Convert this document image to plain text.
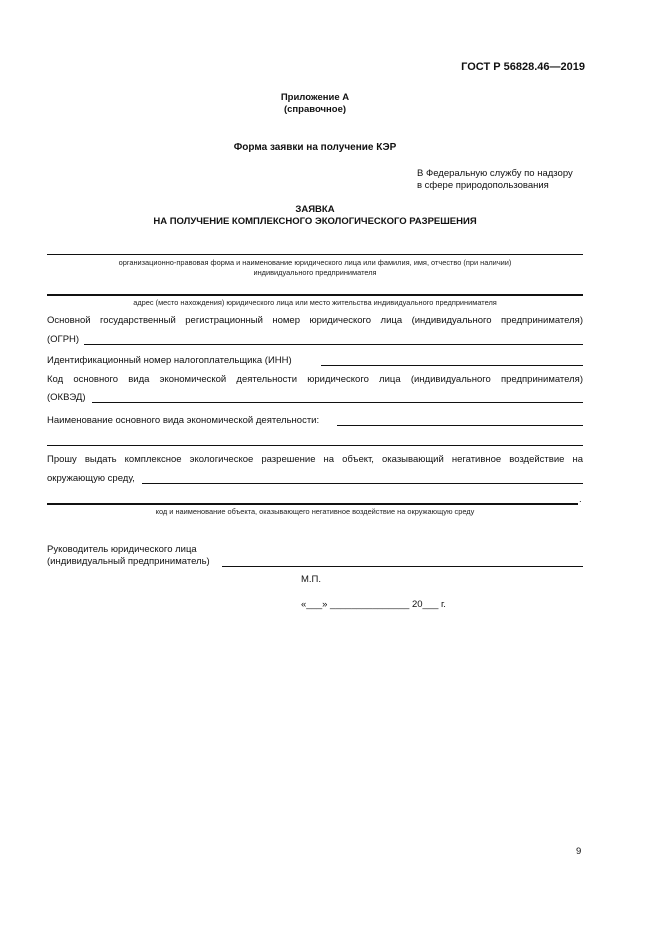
ГОСТ Р 56828.46—2019
Приложение А
(справочное)
Форма заявки на получение КЭР
В Федеральную службу по надзору
в сфере природопользования
ЗАЯВКА
НА ПОЛУЧЕНИЕ КОМПЛЕКСНОГО ЭКОЛОГИЧЕСКОГО РАЗРЕШЕНИЯ
организационно-правовая форма и наименование юридического лица или фамилия, имя, отчество (при наличии)
индивидуального предпринимателя
адрес (место нахождения) юридического лица или место жительства индивидуального предпринимателя
Основной государственный регистрационный номер юридического лица (индивидуального предпринимателя)
(ОГРН)
Идентификационный номер налогоплательщика (ИНН)
Код основного вида экономической деятельности юридического лица (индивидуального предпринимателя)
(ОКВЭД)
Наименование основного вида экономической деятельности:
Прошу выдать комплексное экологическое разрешение на объект, оказывающий негативное воздействие на
окружающую среду,
.
код и наименование объекта, оказывающего негативное воздействие на окружающую среду
Руководитель юридического лица
(индивидуальный предприниматель)
М.П.
«___» _______________ 20___ г.
9
